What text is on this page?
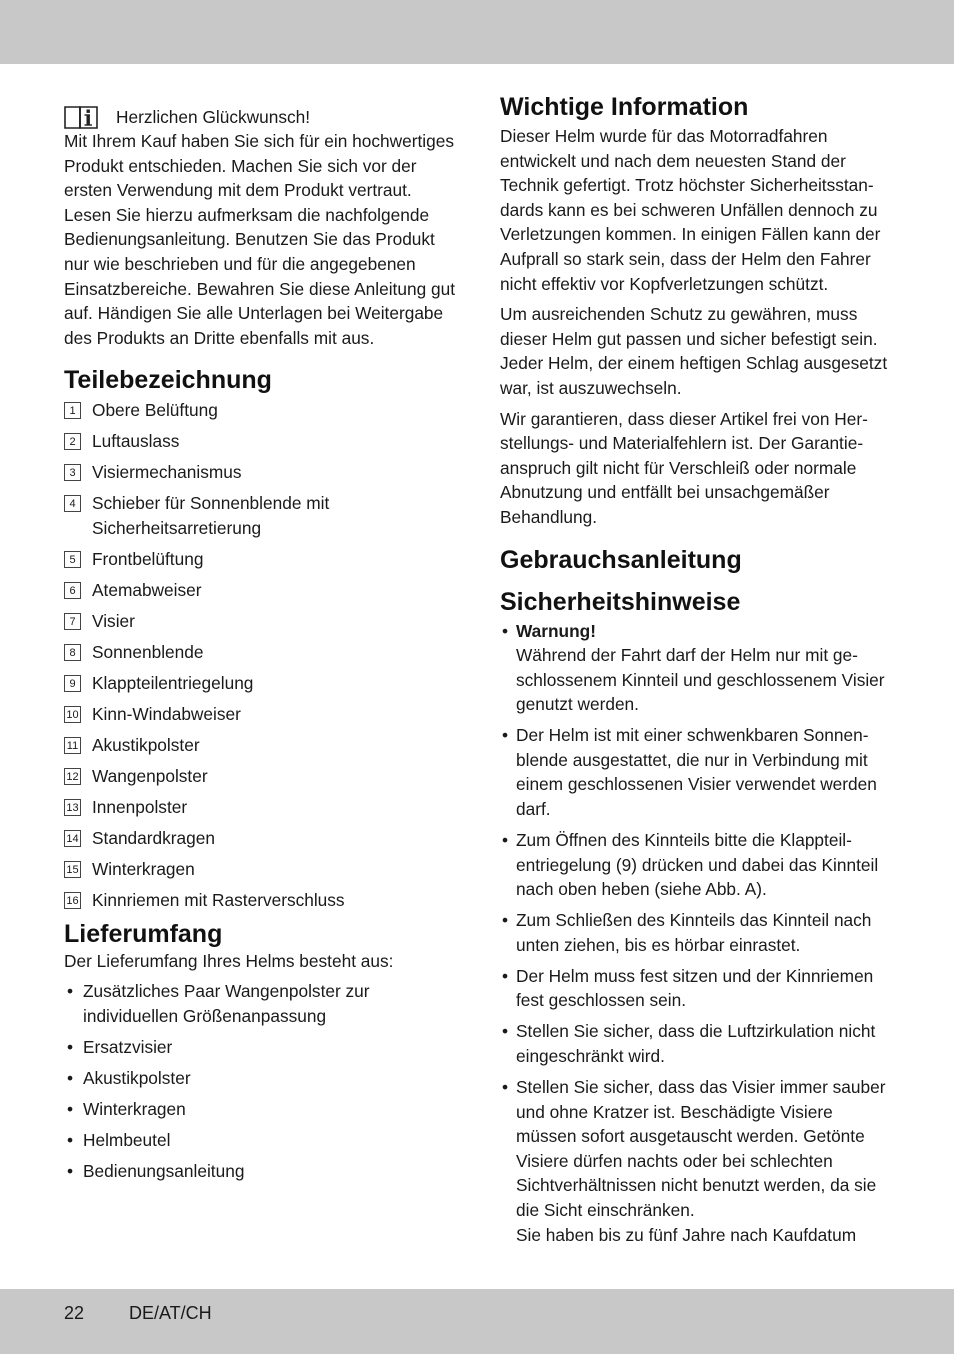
Herzlichen Glückwunsch!

Mit Ihrem Kauf haben Sie sich für ein hochwertiges Produkt entschieden. Machen Sie sich vor der ersten Verwendung mit dem Produkt vertraut. Lesen Sie hierzu aufmerksam die nachfolgende Bedienungsanleitung. Benutzen Sie das Produkt nur wie beschrieben und für die angegebenen Einsatzbereiche. Bewahren Sie diese Anleitung gut auf. Händigen Sie alle Unterlagen bei Weitergabe des Produkts an Dritte ebenfalls mit aus.

Teilebezeichnung
1 Obere Belüftung
2 Luftauslass
3 Visiermechanismus
4 Schieber für Sonnenblende mit Sicherheitsarretierung
5 Frontbelüftung
6 Atemabweiser
7 Visier
8 Sonnenblende
9 Klappteilentriegelung
10 Kinn-Windabweiser
11 Akustikpolster
12 Wangenpolster
13 Innenpolster
14 Standardkragen
15 Winterkragen
16 Kinnriemen mit Rasterverschluss
Lieferumfang

Der Lieferumfang Ihres Helms besteht aus:

• Zusätzliches Paar Wangenpolster zur individuellen Größenanpassung
• Ersatzvisier
• Akustikpolster
• Winterkragen
• Helmbeutel
• Bedienungsanleitung
Wichtige Information

Dieser Helm wurde für das Motorradfahren entwickelt und nach dem neuesten Stand der Technik gefertigt. Trotz höchster Sicherheitsstandards kann es bei schweren Unfällen dennoch zu Verletzungen kommen. In einigen Fällen kann der Aufprall so stark sein, dass der Helm den Fahrer nicht effektiv vor Kopfverletzungen schützt.

Um ausreichenden Schutz zu gewähren, muss dieser Helm gut passen und sicher befestigt sein. Jeder Helm, der einem heftigen Schlag ausgesetzt war, ist auszuwechseln.

Wir garantieren, dass dieser Artikel frei von Herstellungs- und Materialfehlern ist. Der Garantieanspruch gilt nicht für Verschleiß oder normale Abnutzung und entfällt bei unsachgemäßer Behandlung.

Gebrauchsanleitung
Sicherheitshinweise
• Warnung!
Während der Fahrt darf der Helm nur mit geschlossenem Kinnteil und geschlossenem Visier genutzt werden.
• Der Helm ist mit einer schwenkbaren Sonnenblende ausgestattet, die nur in Verbindung mit einem geschlossenen Visier verwendet werden darf.
• Zum Öffnen des Kinnteils bitte die Klappteilentriegelung (9) drücken und dabei das Kinnteil nach oben heben (siehe Abb. A).
• Zum Schließen des Kinnteils das Kinnteil nach unten ziehen, bis es hörbar einrastet.
• Der Helm muss fest sitzen und der Kinnriemen fest geschlossen sein.
• Stellen Sie sicher, dass die Luftzirkulation nicht eingeschränkt wird.
• Stellen Sie sicher, dass das Visier immer sauber und ohne Kratzer ist. Beschädigte Visiere müssen sofort ausgetauscht werden. Getönte Visiere dürfen nachts oder bei schlechten Sichtverhältnissen nicht benutzt werden, da sie die Sicht einschränken.
Sie haben bis zu fünf Jahre nach Kaufdatum
22 DE/AT/CH
